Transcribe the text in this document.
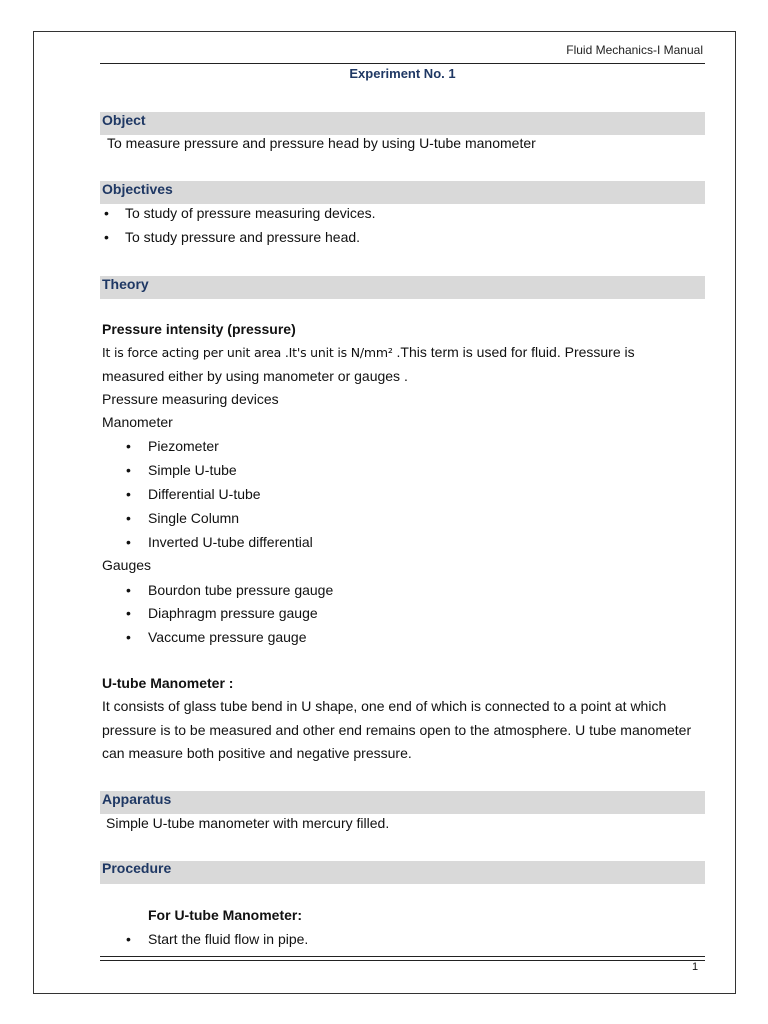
Fluid Mechanics-I Manual
Experiment No. 1
Object
To measure pressure and pressure head by using U-tube manometer
Objectives
• To study of pressure measuring devices.
• To study pressure and pressure head.
Theory
Pressure intensity (pressure)
It is force acting per unit area .It's unit is N/mm² .This term is used for fluid. Pressure is
measured either by using manometer or gauges .
Pressure measuring devices
Manometer
• Piezometer
• Simple U-tube
• Differential U-tube
• Single Column
• Inverted U-tube differential
Gauges
• Bourdon tube pressure gauge
• Diaphragm pressure gauge
• Vaccume pressure gauge
U-tube Manometer :
It consists of glass tube bend in U shape, one end of which is connected to a point at which
pressure is to be measured and other end remains open to the atmosphere. U tube manometer
can measure both positive and negative pressure.
Apparatus
Simple U-tube manometer with mercury filled.
Procedure
For U-tube Manometer:
• Start the fluid flow in pipe.
1
